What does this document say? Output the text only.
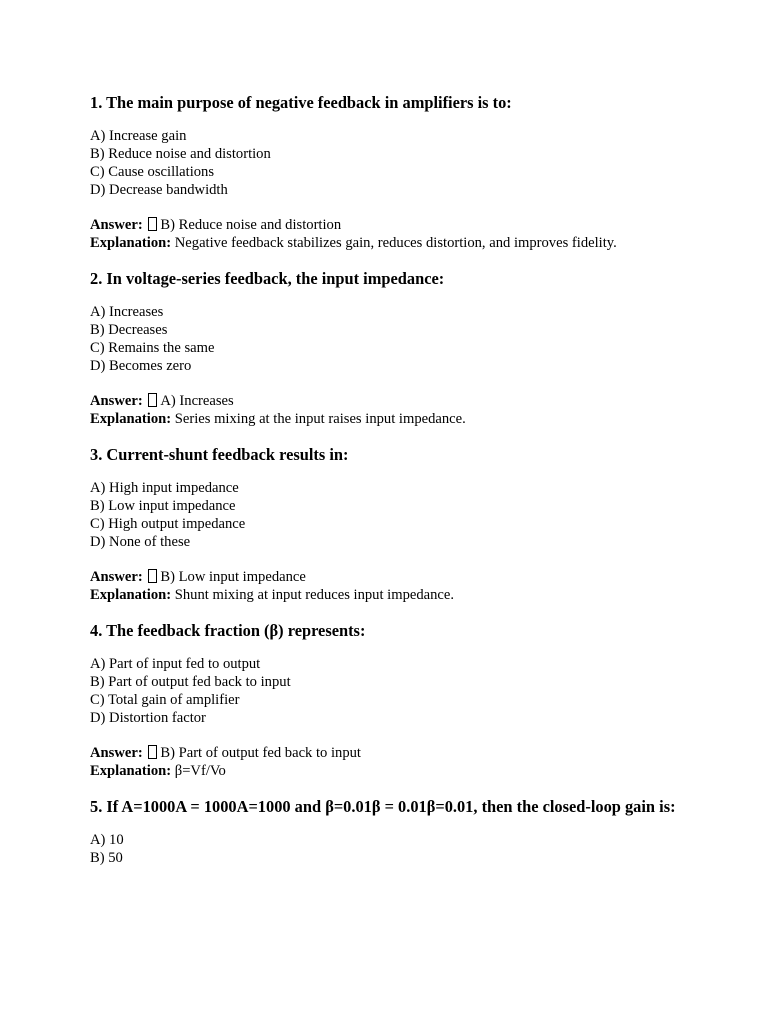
1. The main purpose of negative feedback in amplifiers is to:

A) Increase gain
B) Reduce noise and distortion
C) Cause oscillations
D) Decrease bandwidth
Answer: B) Reduce noise and distortion
Explanation: Negative feedback stabilizes gain, reduces distortion, and improves fidelity.

2. In voltage-series feedback, the input impedance:

A) Increases
B) Decreases
C) Remains the same
D) Becomes zero
Answer: A) Increases
Explanation: Series mixing at the input raises input impedance.

3. Current-shunt feedback results in:

A) High input impedance
B) Low input impedance
C) High output impedance
D) None of these
Answer: B) Low input impedance
Explanation: Shunt mixing at input reduces input impedance.

4. The feedback fraction (β) represents:

A) Part of input fed to output
B) Part of output fed back to input
C) Total gain of amplifier
D) Distortion factor
Answer: B) Part of output fed back to input
Explanation: β=Vf/Vo

5. If A=1000A = 1000A=1000 and β=0.01β = 0.01β=0.01, then the closed-loop gain is:

A) 10
B) 50
